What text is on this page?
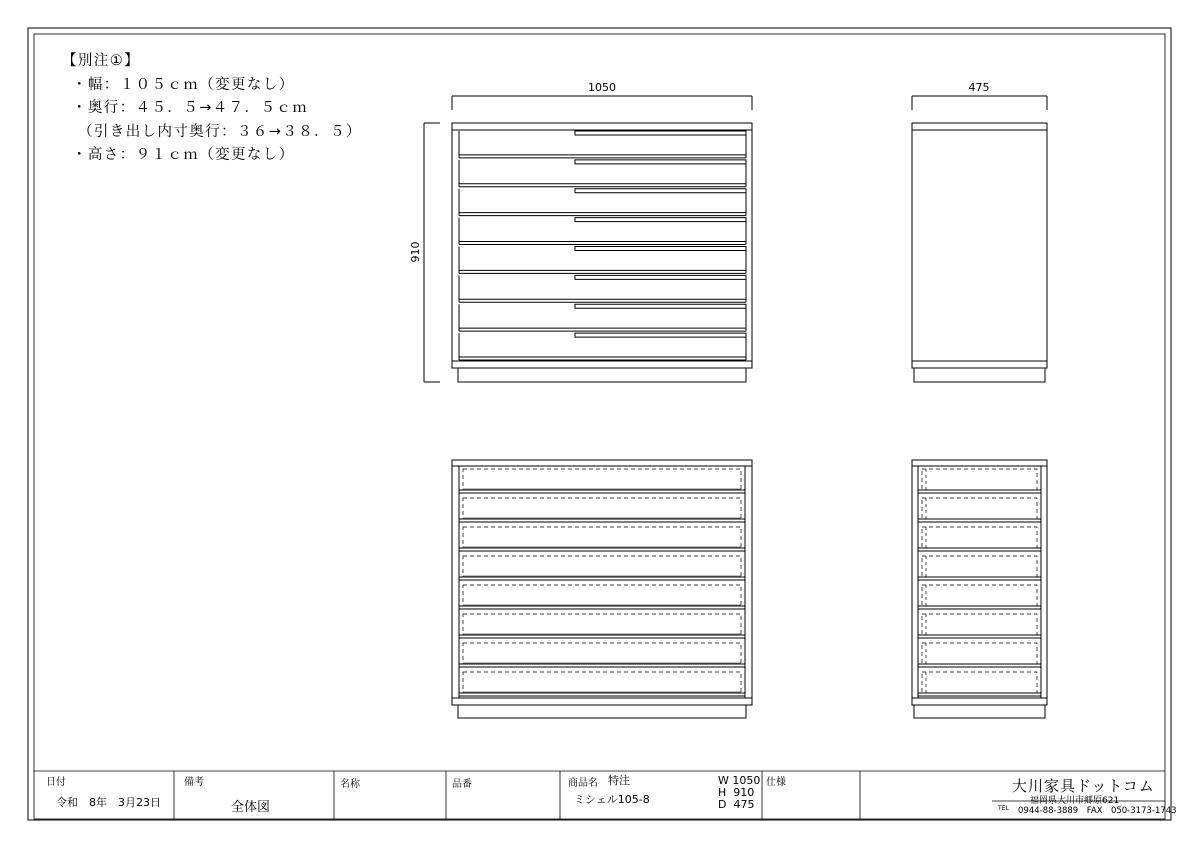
1050
910
475
【別注①】
・幅：１０５ｃｍ（変更なし）
・奥行：４５．５→４７．５ｃｍ
（引き出し内寸奥行：３６→３８．５）
・高さ：９１ｃｍ（変更なし）
日付
令和　8年　3月23日
備考
全体図
名称	品番	商品名 特注
ミシェル105-8
W 1050
H  910
D  475
仕様	大川家具ドットコム
福岡県大川市郷原621
TEL 0944-88-3889　FAX　050-3173-1743
